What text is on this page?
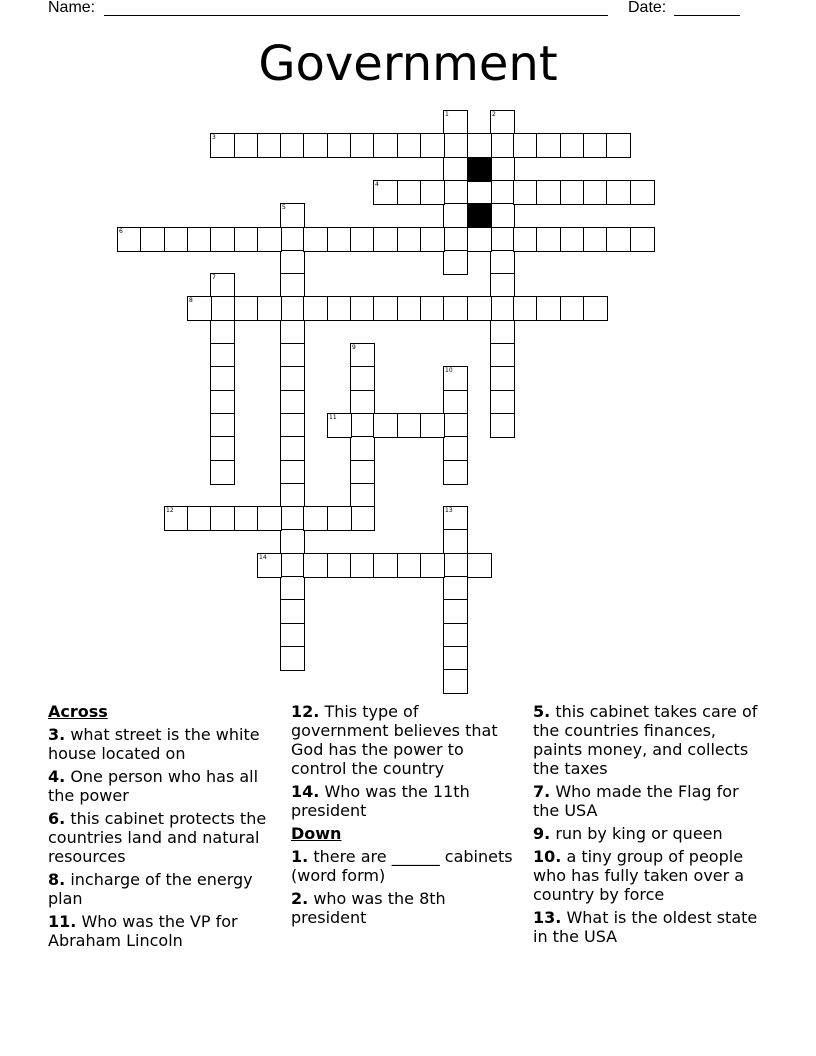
Name:	Date:
Government
1	2
3
4
5
6
7
8
9
10
11
12	13
14
Across
3. what street is the white house located on
4. One person who has all the power
6. this cabinet protects the countries land and natural resources
8. incharge of the energy plan
11. Who was the VP for Abraham Lincoln
12. This type of government believes that God has the power to control the country
14. Who was the 11th president
Down
1. there are ______ cabinets (word form)
2. who was the 8th president
5. this cabinet takes care of the countries finances, paints money, and collects the taxes
7. Who made the Flag for the USA
9. run by king or queen
10. a tiny group of people who has fully taken over a country by force
13. What is the oldest state in the USA
